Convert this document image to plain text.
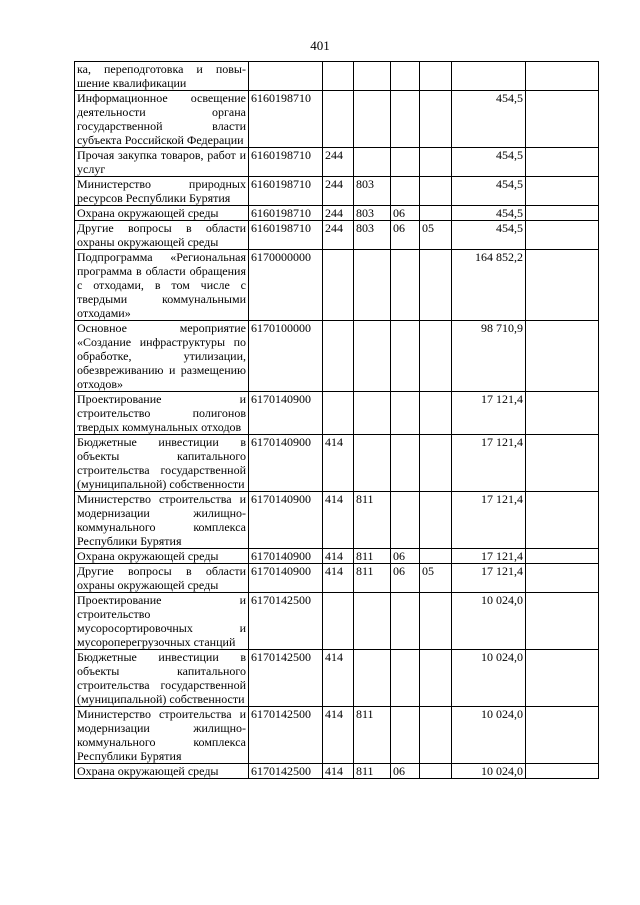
401
ка, переподготовка и повы-шение квалификации							
Информационное освещение деятельности органа государственной власти субъекта Российской Федерации	6160198710					454,5	
Прочая закупка товаров, работ и услуг	6160198710	244				454,5	
Министерство природных ресурсов Республики Бурятия	6160198710	244	803			454,5	
Охрана окружающей среды	6160198710	244	803	06		454,5	
Другие вопросы в области охраны окружающей среды	6160198710	244	803	06	05	454,5	
Подпрограмма «Региональная программа в области обращения с отходами, в том числе с твердыми коммунальными отходами»	6170000000					164 852,2	
Основное мероприятие «Создание инфраструктуры по обработке, утилизации, обезвреживанию и размещению отходов»	6170100000					98 710,9	
Проектирование и строительство полигонов твердых коммунальных отходов	6170140900					17 121,4	
Бюджетные инвестиции в объекты капитального строительства государственной (муниципальной) собственности	6170140900	414				17 121,4	
Министерство строительства и модернизации жилищно-коммунального комплекса Республики Бурятия	6170140900	414	811			17 121,4	
Охрана окружающей среды	6170140900	414	811	06		17 121,4	
Другие вопросы в области охраны окружающей среды	6170140900	414	811	06	05	17 121,4	
Проектирование и строительство мусоросортировочных и мусороперегрузочных станций	6170142500					10 024,0	
Бюджетные инвестиции в объекты капитального строительства государственной (муниципальной) собственности	6170142500	414				10 024,0	
Министерство строительства и модернизации жилищно-коммунального комплекса Республики Бурятия	6170142500	414	811			10 024,0	
Охрана окружающей среды	6170142500	414	811	06		10 024,0	
